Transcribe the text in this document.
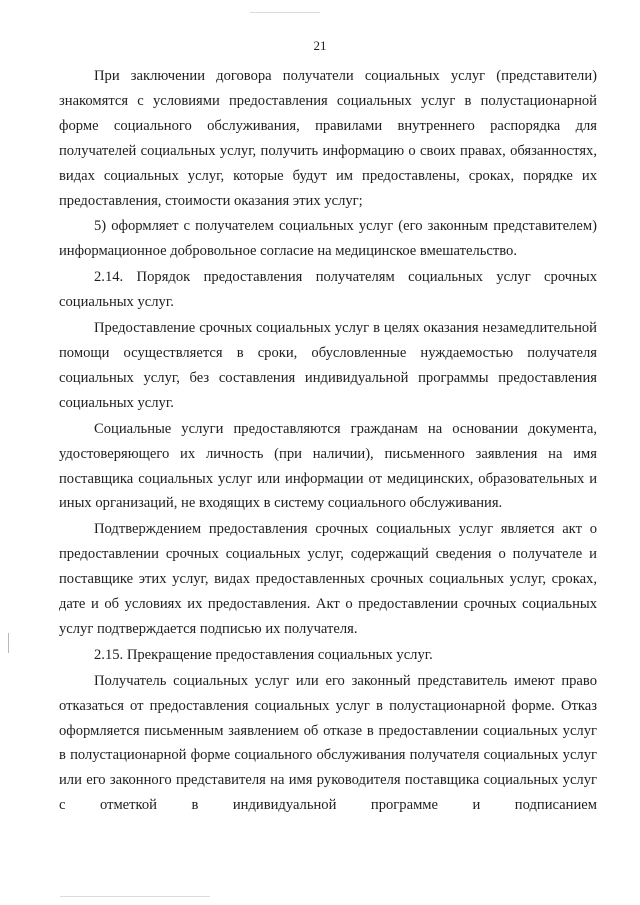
21

При заключении договора получатели социальных услуг (представители) знакомятся с условиями предоставления социальных услуг в полустационарной форме социального обслуживания, правилами внутреннего распорядка для получателей социальных услуг, получить информацию о своих правах, обязанностях, видах социальных услуг, которые будут им предоставлены, сроках, порядке их предоставления, стоимости оказания этих услуг;

5) оформляет с получателем социальных услуг (его законным представителем) информационное добровольное согласие на медицинское вмешательство.

2.14. Порядок предоставления получателям социальных услуг срочных социальных услуг.

Предоставление срочных социальных услуг в целях оказания незамедлительной помощи осуществляется в сроки, обусловленные нуждаемостью получателя социальных услуг, без составления индивидуальной программы предоставления социальных услуг.

Социальные услуги предоставляются гражданам на основании документа, удостоверяющего их личность (при наличии), письменного заявления на имя поставщика социальных услуг или информации от медицинских, образовательных и иных организаций, не входящих в систему социального обслуживания.

Подтверждением предоставления срочных социальных услуг является акт о предоставлении срочных социальных услуг, содержащий сведения о получателе и поставщике этих услуг, видах предоставленных срочных социальных услуг, сроках, дате и об условиях их предоставления. Акт о предоставлении срочных социальных услуг подтверждается подписью их получателя.

2.15. Прекращение предоставления социальных услуг.

Получатель социальных услуг или его законный представитель имеют право отказаться от предоставления социальных услуг в полустационарной форме. Отказ оформляется письменным заявлением об отказе в предоставлении социальных услуг в полустационарной форме социального обслуживания получателя социальных услуг или его законного представителя на имя руководителя поставщика социальных услуг с отметкой в индивидуальной программе и подписанием
